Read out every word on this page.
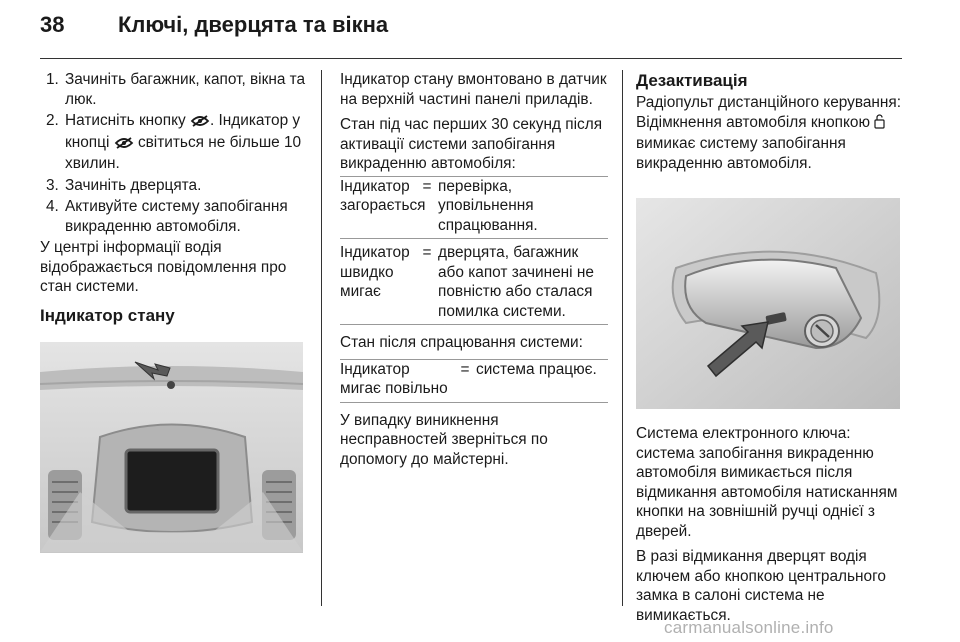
38 Ключі, дверцята та вікна
1. Зачиніть багажник, капот, вікна та люк.
2. Натисніть кнопку . Індикатор у кнопці світиться не більше 10 хвилин.
3. Зачиніть дверцята.
4. Активуйте систему запобігання викраденню автомобіля.

У центрі інформації водія відображається повідомлення про стан системи.

Індикатор стану

Індикатор стану вмонтовано в датчик на верхній частині панелі приладів.

Стан під час перших 30 секунд після активації системи запобігання викраденню автомобіля:

Індикатор загорається
= перевірка, уповільнення спрацювання.
Індикатор швидко мигає
= дверцята, багажник або капот зачинені не повністю або сталася помилка системи.

Стан після спрацювання системи:

Індикатор мигає повільно
= система працює.

У випадку виникнення несправностей зверніться по допомогу до майстерні.

Дезактивація

Радіопульт дистанційного керування: Відімкнення автомобіля кнопкою  вимикає систему запобігання викраденню автомобіля.

Система електронного ключа: система запобігання викраденню автомобіля вимикається після відмикання автомобіля натисканням кнопки на зовнішній ручці однієї з дверей.

В разі відмикання дверцят водія ключем або кнопкою центрального замка в салоні система не вимикається.

carmanualsonline.info
